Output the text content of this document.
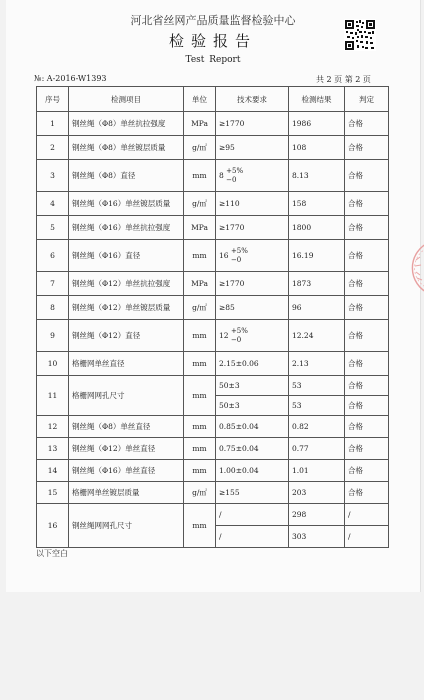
河北省丝网产品质量监督检验中心
检验报告
Test Report
№: A-2016-W1393	共 2 页 第 2 页
序号	检测项目	单位	技术要求	检测结果	判定
1	钢丝绳（Φ8）单丝抗拉强度	MPa	≥1770	1986	合格
2	钢丝绳（Φ8）单丝镀层质量	g/㎡	≥95	108	合格
3	钢丝绳（Φ8）直径	mm	8 +5%
−0	8.13	合格
4	钢丝绳（Φ16）单丝镀层质量	g/㎡	≥110	158	合格
5	钢丝绳（Φ16）单丝抗拉强度	MPa	≥1770	1800	合格
6	钢丝绳（Φ16）直径	mm	16 +5%
−0	16.19	合格
7	钢丝绳（Φ12）单丝抗拉强度	MPa	≥1770	1873	合格
8	钢丝绳（Φ12）单丝镀层质量	g/㎡	≥85	96	合格
9	钢丝绳（Φ12）直径	mm	12 +5%
−0	12.24	合格
10	格栅网单丝直径	mm	2.15±0.06	2.13	合格
11	格栅网网孔尺寸	mm	50±3	53	合格
			50±3	53	合格
12	钢丝绳（Φ8）单丝直径	mm	0.85±0.04	0.82	合格
13	钢丝绳（Φ12）单丝直径	mm	0.75±0.04	0.77	合格
14	钢丝绳（Φ16）单丝直径	mm	1.00±0.04	1.01	合格
15	格栅网单丝镀层质量	g/㎡	≥155	203	合格
16	钢丝绳网网孔尺寸	mm	/	298	/
			/	303	/
以下空白
